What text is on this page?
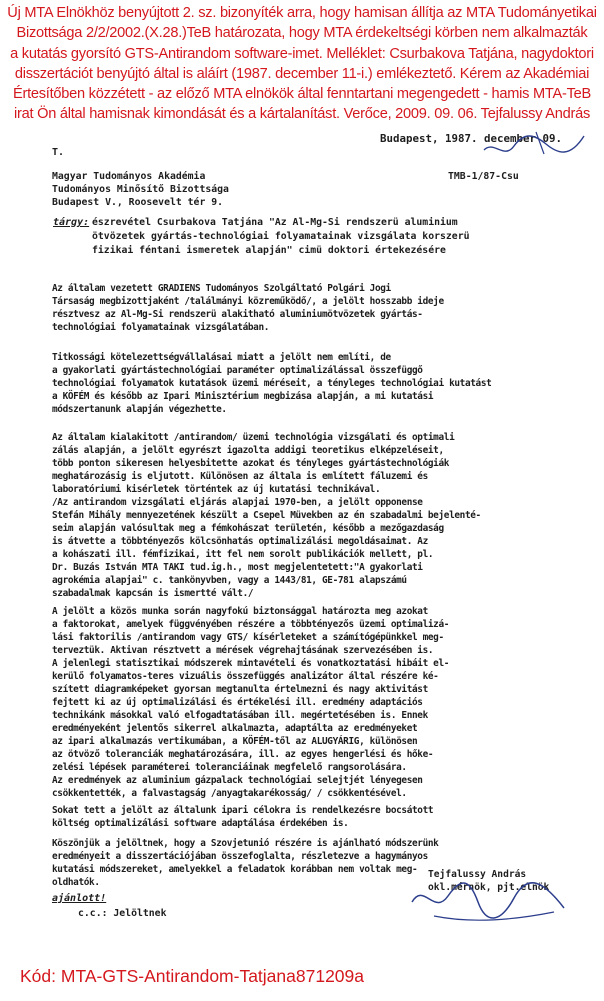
Új MTA Elnökhöz benyújtott 2. sz. bizonyíték arra, hogy hamisan állítja az MTA Tudományetikai
Bizottsága 2/2/2002.(X.28.)TeB határozata, hogy MTA érdekeltségi körben nem alkalmazták
a kutatás gyorsító GTS-Antirandom software-imet. Melléklet: Csurbakova Tatjána, nagydoktori
disszertációt benyújtó által is aláírt (1987. december 11-i.) emlékeztető. Kérem az Akadémiai
Értesítőben közzétett - az előző MTA elnökök által fenntartani megengedett - hamis MTA-TeB
irat Ön által hamisnak kimondását és a kártalanítást. Verőce, 2009. 09. 06. Tejfalussy András
Budapest, 1987. december 09.
T.
Magyar Tudományos Akadémia
Tudományos Minősítő Bizottsága
Budapest V., Roosevelt tér 9.
TMB-1/87-Csu
tárgy: észrevétel Csurbakova Tatjána "Az Al-Mg-Si rendszerü aluminium
ötvözetek gyártás-technológiai folyamatainak vizsgálata korszerü
fizikai féntani ismeretek alapján" cimü doktori értekezésére
Az általam vezetett GRADIENS Tudományos Szolgáltató Polgári Jogi
Társaság megbizottjaként /találmányi közreműködő/, a jelölt hosszabb ideje
résztvesz az Al-Mg-Si rendszerü alakitható aluminiumötvözetek gyártás-
technológiai folyamatainak vizsgálatában.
Titkossági kötelezettségvállalásai miatt a jelölt nem említi, de
a gyakorlati gyártástechnológiai paraméter optimalizálással összefüggő
technológiai folyamatok kutatások üzemi méréseit, a tényleges technológiai kutatást
a KÖFÉM és később az Ipari Minisztérium megbizása alapján, a mi kutatási
módszertanunk alapján végezhette.
Az általam kialakitott /antirandom/ üzemi technológia vizsgálati és optimali
zálás alapján, a jelölt egyrészt igazolta addigi teoretikus elképzeléseit,
több ponton sikeresen helyesbitette azokat és tényleges gyártástechnológiák
meghatározásig is eljutott. Különösen az általa is említett fáluzemi és
laboratóriumi kisérletek történtek az új kutatási technikával.
/Az antirandom vizsgálati eljárás alapjai 1970-ben, a jelölt opponense
Stefán Mihály mennyezetének készült a Csepel Müvekben az én szabadalmi bejelenté-
seim alapján valósultak meg a fémkohászat területén, később a mezőgazdaság
is átvette a többtényezős kölcsönhatás optimalizálási megoldásaimat. Az
a kohászati ill. fémfizikai, itt fel nem sorolt publikációk mellett, pl.
Dr. Buzás István MTA TAKI tud.ig.h., most megjelentetett:"A gyakorlati
agrokémia alapjai" c. tankönyvben, vagy a 1443/81, GE-781 alapszámú
szabadalmak kapcsán is ismertté vált./
A jelölt a közös munka során nagyfokú biztonsággal határozta meg azokat
a faktorokat, amelyek függvényében részére a többtényezős üzemi optimalizá-
lási faktorilis /antirandom vagy GTS/ kísérleteket a számítógépünkkel meg-
terveztük. Aktivan résztvett a mérések végrehajtásának szervezésében is.
A jelenlegi statisztikai módszerek mintavételi és vonatkoztatási hibáit el-
kerülő folyamatos-teres vizuális összefüggés analizátor által részére ké-
szített diagramképeket gyorsan megtanulta értelmezni és nagy aktivitást
fejtett ki az új optimalizálási és értékelési ill. eredmény adaptációs
technikánk másokkal való elfogadtatásában ill. megértetésében is. Ennek
eredményeként jelentős sikerrel alkalmazta, adaptálta az eredményeket
az ipari alkalmazás vertikumában, a KÖFÉM-től az ALUGYÁRIG, különösen
az ötvöző toleranciák meghatározására, ill. az egyes hengerlési és hőke-
zelési lépések paraméterei toleranciáinak megfelelő rangsorolására.
Az eredmények az aluminium gázpalack technológiai selejtjét lényegesen
csökkentették, a falvastagság /anyagtakarékosság/ / csökkentésével.
Sokat tett a jelölt az általunk ipari célokra is rendelkezésre bocsátott
költség optimalizálási software adaptálása érdekében is.
Köszönjük a jelöltnek, hogy a Szovjetunió részére is ajánlható módszerünk
eredményeit a disszertációjában összefoglalta, részletezve a hagymányos
kutatási módszereket, amelyekkel a feladatok korábban nem voltak meg-
oldhatók.
Tejfalussy András
okl.mérnök, pjt.elnök
ajánlott!
c.c.: Jelöltnek
Kód: MTA-GTS-Antirandom-Tatjana871209a
